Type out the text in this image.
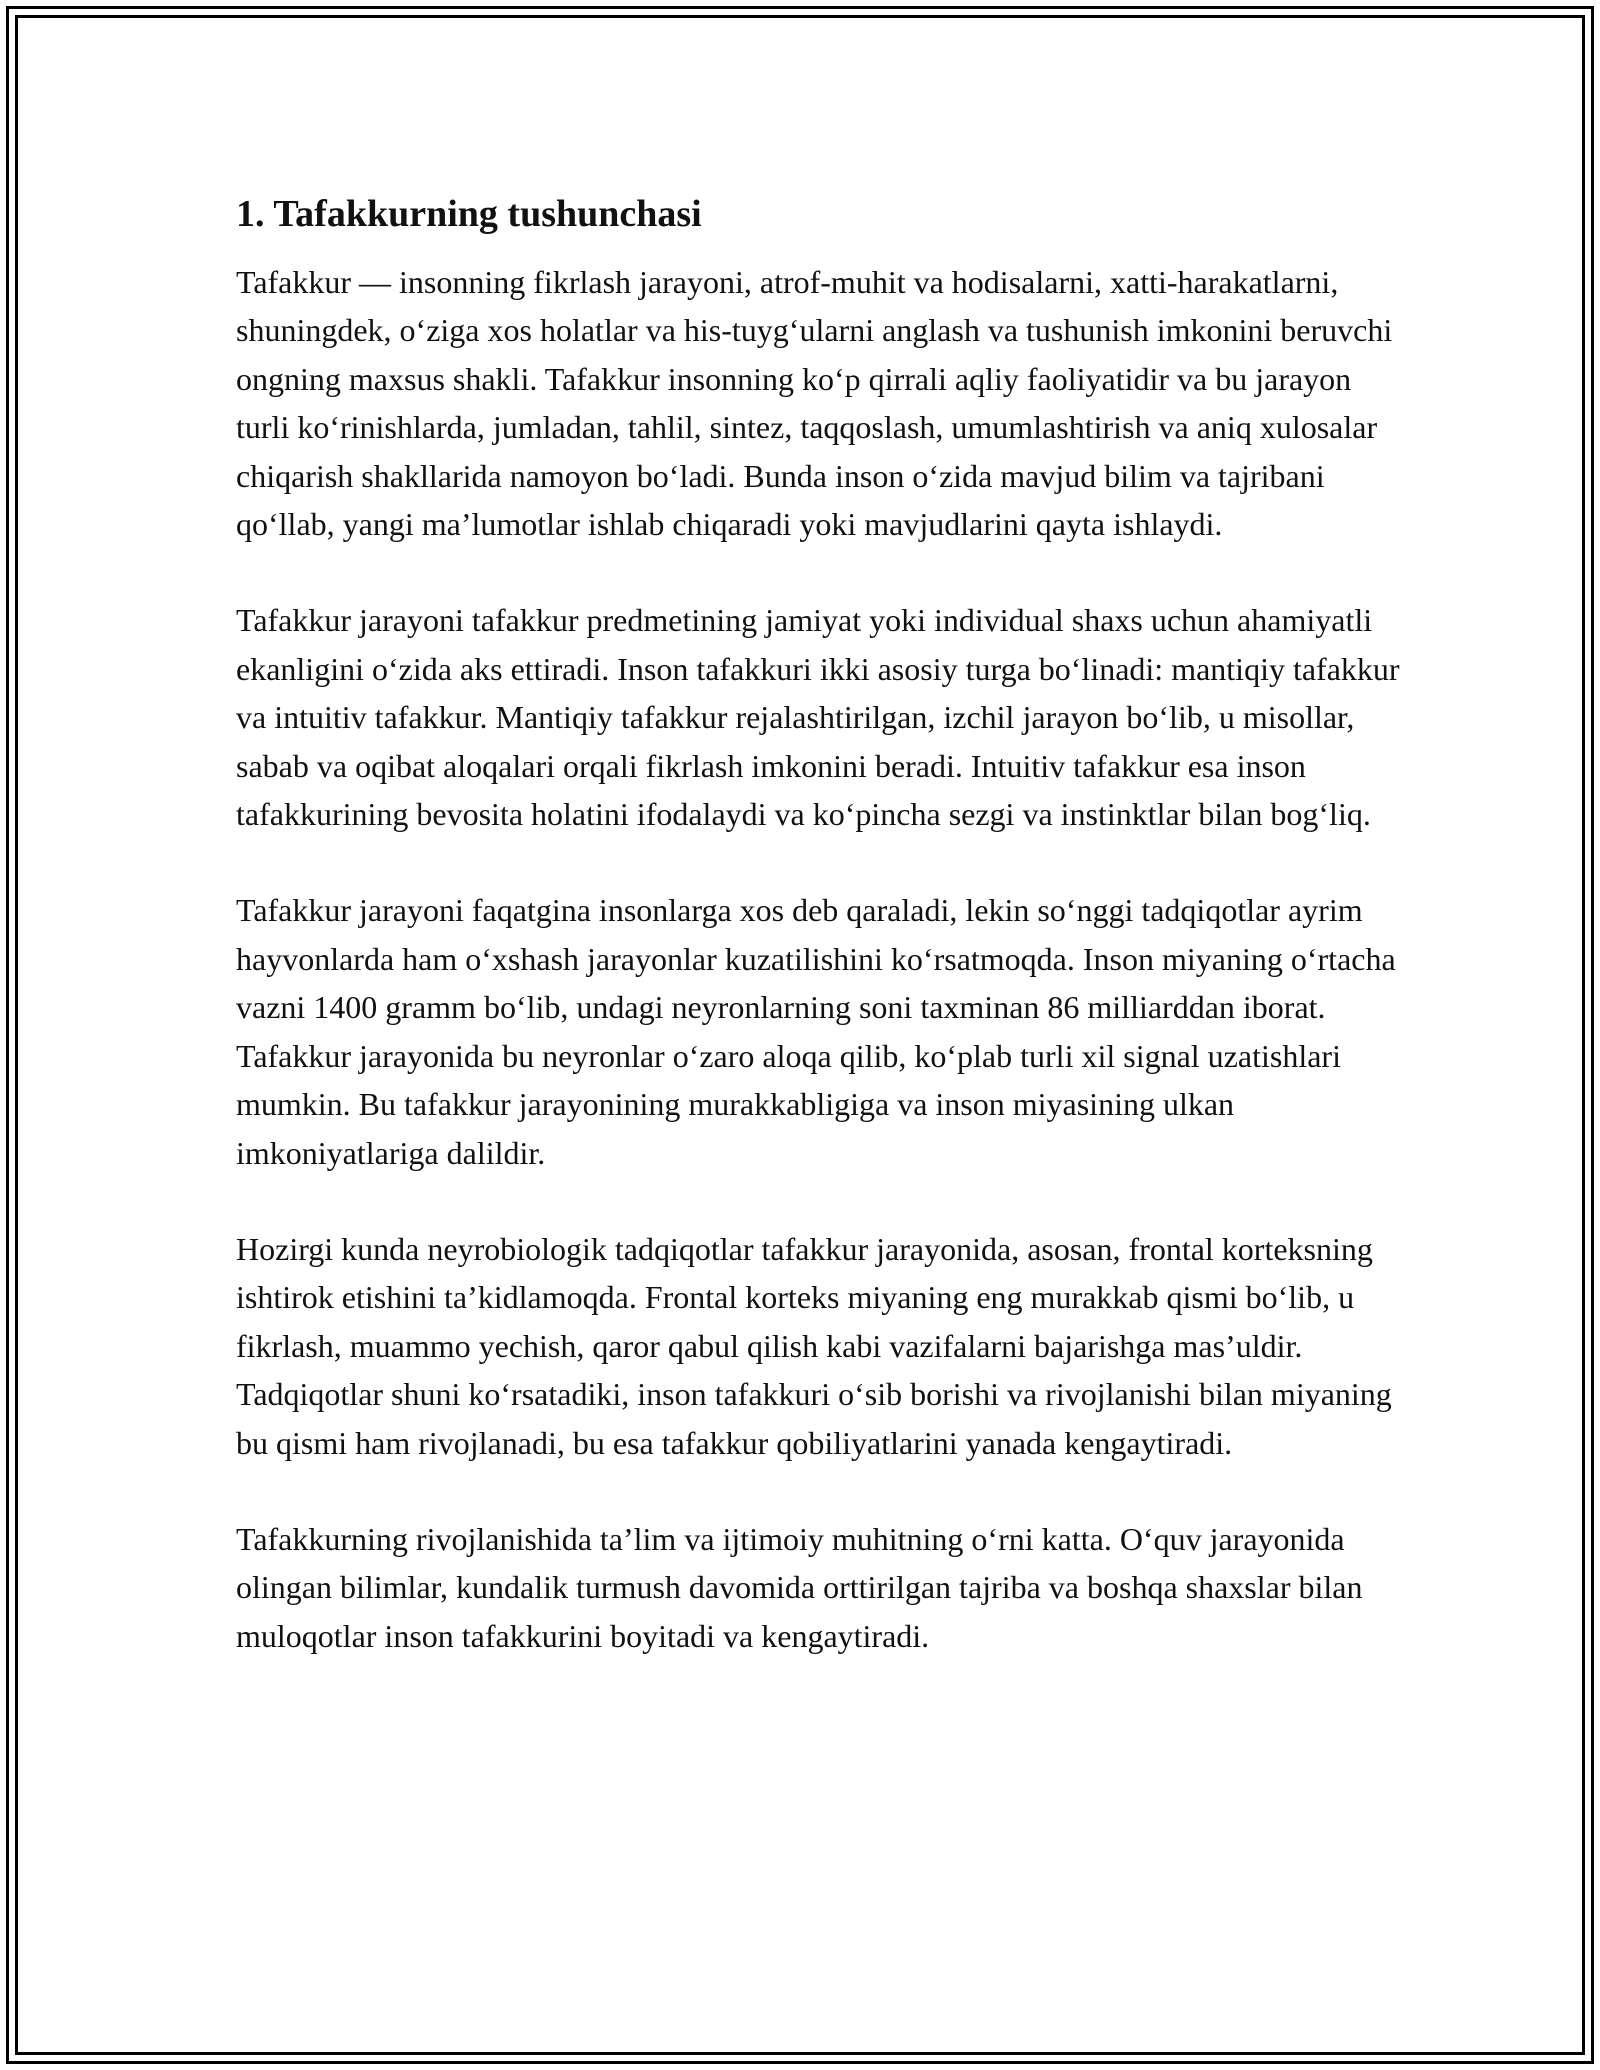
1. Tafakkurning tushunchasi

Tafakkur — insonning fikrlash jarayoni, atrof-muhit va hodisalarni, xatti-harakatlarni, shuningdek, oʻziga xos holatlar va his-tuygʻularni anglash va tushunish imkonini beruvchi ongning maxsus shakli. Tafakkur insonning koʻp qirrali aqliy faoliyatidir va bu jarayon turli koʻrinishlarda, jumladan, tahlil, sintez, taqqoslash, umumlashtirish va aniq xulosalar chiqarish shakllarida namoyon boʻladi. Bunda inson oʻzida mavjud bilim va tajribani qoʻllab, yangi maʼlumotlar ishlab chiqaradi yoki mavjudlarini qayta ishlaydi.

Tafakkur jarayoni tafakkur predmetining jamiyat yoki individual shaxs uchun ahamiyatli ekanligini oʻzida aks ettiradi. Inson tafakkuri ikki asosiy turga boʻlinadi: mantiqiy tafakkur va intuitiv tafakkur. Mantiqiy tafakkur rejalashtirilgan, izchil jarayon boʻlib, u misollar, sabab va oqibat aloqalari orqali fikrlash imkonini beradi. Intuitiv tafakkur esa inson tafakkurining bevosita holatini ifodalaydi va koʻpincha sezgi va instinktlar bilan bogʻliq.

Tafakkur jarayoni faqatgina insonlarga xos deb qaraladi, lekin soʻnggi tadqiqotlar ayrim hayvonlarda ham oʻxshash jarayonlar kuzatilishini koʻrsatmoqda. Inson miyaning oʻrtacha vazni 1400 gramm boʻlib, undagi neyronlarning soni taxminan 86 milliarddan iborat. Tafakkur jarayonida bu neyronlar oʻzaro aloqa qilib, koʻplab turli xil signal uzatishlari mumkin. Bu tafakkur jarayonining murakkabligiga va inson miyasining ulkan imkoniyatlariga dalildir.

Hozirgi kunda neyrobiologik tadqiqotlar tafakkur jarayonida, asosan, frontal korteksning ishtirok etishini taʼkidlamoqda. Frontal korteks miyaning eng murakkab qismi boʻlib, u fikrlash, muammo yechish, qaror qabul qilish kabi vazifalarni bajarishga masʼuldir. Tadqiqotlar shuni koʻrsatadiki, inson tafakkuri oʻsib borishi va rivojlanishi bilan miyaning bu qismi ham rivojlanadi, bu esa tafakkur qobiliyatlarini yanada kengaytiradi.

Tafakkurning rivojlanishida taʼlim va ijtimoiy muhitning oʻrni katta. Oʻquv jarayonida olingan bilimlar, kundalik turmush davomida orttirilgan tajriba va boshqa shaxslar bilan muloqotlar inson tafakkurini boyitadi va kengaytiradi.
